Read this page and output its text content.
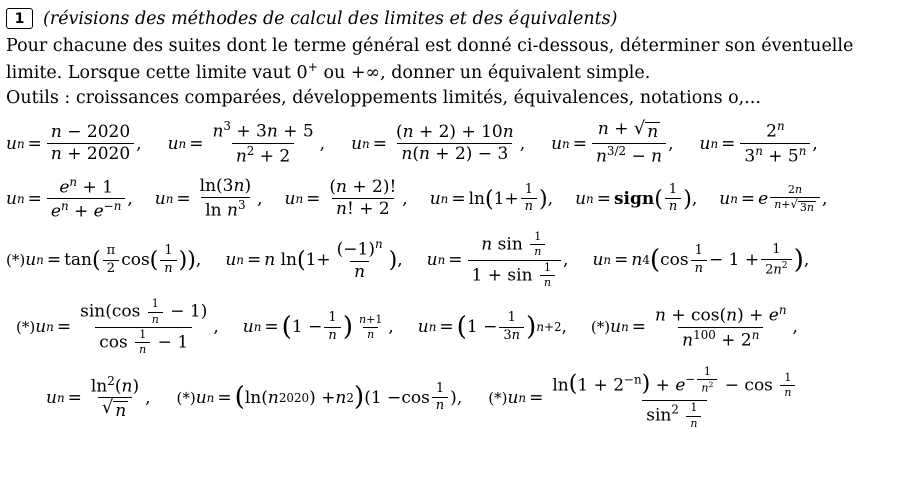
1	(révisions des méthodes de calcul des limites et des équivalents)

Pour chacune des suites dont le terme général est donné ci-dessous, déterminer son éventuelle

limite. Lorsque cette limite vaut 0+ ou +∞, donner un équivalent simple.

Outils : croissances comparées, développements limités, équivalences, notations o,...

u $n = \frac{n - 2020}{n + 2020}$ , u $n = \frac{n^3 + 3n + 5}{n^2 + 2}$ , u $n = \frac{(n + 2) + 10n}{n(n + 2) - 3}$ , u $n = \frac{n + √ n}{n^{3/2} - n}$ , u $n = \frac{2^n}{3^n + 5^n}$ ,
u $n = \frac{e^n + 1}{e^n + e^{-n}}$ , u $n = \frac{\ln(3n)}{\ln n^3}$ , u $n = \frac{(n + 2)!}{n! + 2}$ , u n = ln ( $1+ \frac{1}{n}$ ) , u n = sign ( $\frac{1}{n}$ ) , u n = e $\frac{2n}{n+ √ 3n}$ ,
(*) u n = tan ( $\frac{\pi}{2}$ cos ( $\frac{1}{n}$ ) ) , u n = n
ln ( $1+ \frac{(-1)^n}{n}$ ) , u $n = \frac{n \sin \frac{1}{n}}{1 + \sin \frac{1}{n}}$ , u n = n 4 ( $\cos \frac{1}{n} - 1 + \frac{1}{2n^2}$ ) ,
(*) u $n = \frac{\sin(\cos \frac{1}{n} - 1)}{\cos \frac{1}{n} - 1}$ , u n = ( $1 - \frac{1}{n}$ ) $\frac{n+1}{n}$ , u n = ( $1 - \frac{1}{3n}$ ) n+2 , (*) u $n = \frac{n + \cos(n) + e^n}{n^{100} + 2^n}$ ,
u $n = \frac{\ln^2(n)}{√ n}$ , (*) u n = ( ln ( n 2020 ) + n 2 ) ($1 - \cos \frac{1}{n}$ ) , (*) u $n = \ln(1 + 2^{-n}) + e^{- \frac{1}{n^2}} - \cos \frac{1}{n}$
$\sin^2 \frac{1}{n}$
